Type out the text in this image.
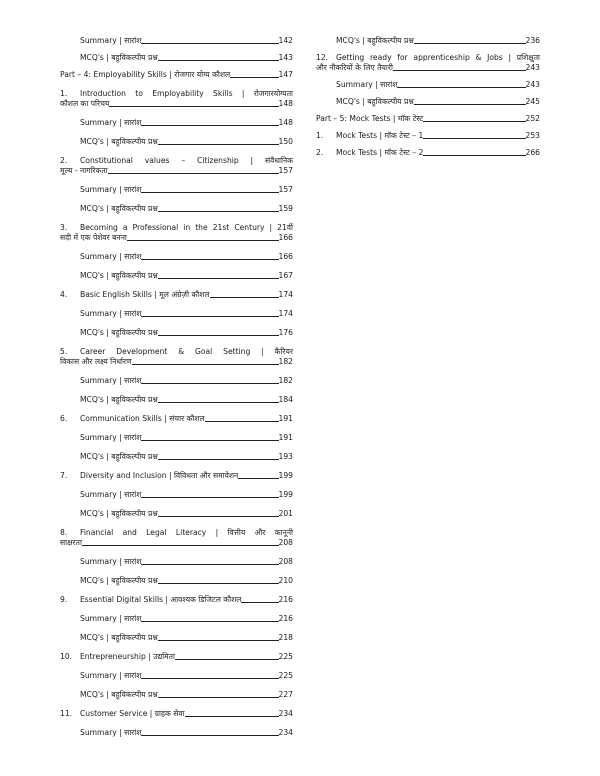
Summary | सारांश	142
MCQ's | बहुविकल्पीय प्रश्न	143
Part – 4: Employability Skills | रोजगार योग्य कौशल	147
1. Introduction to Employability Skills | रोजगारयोग्यता
कौशल का परिचय	148
Summary | सारांश	148
MCQ's | बहुविकल्पीय प्रश्न	150
2. Constitutional values – Citizenship | संवैधानिक
मूल्य - नागरिकता	157
Summary | सारांश	157
MCQ's | बहुविकल्पीय प्रश्न	159
3. Becoming a Professional in the 21st Century | 21वीं
सदी में एक पेशेवर बनना	166
Summary | सारांश	166
MCQ's | बहुविकल्पीय प्रश्न	167
4. Basic English Skills | मूल अंग्रेज़ी कौशल	174
Summary | सारांश	174
MCQ's | बहुविकल्पीय प्रश्न	176
5. Career Development & Goal Setting | कैरियर
विकास और लक्ष्य निर्धारण	182
Summary | सारांश	182
MCQ's | बहुविकल्पीय प्रश्न	184
6. Communication Skills | संचार कौशल	191
Summary | सारांश	191
MCQ's | बहुविकल्पीय प्रश्न	193
7. Diversity and Inclusion | विविधता और समावेशन	199
Summary | सारांश	199
MCQ's | बहुविकल्पीय प्रश्न	201
8. Financial and Legal Literacy | वित्तीय और कानूनी
साक्षरता	208
Summary | सारांश	208
MCQ's | बहुविकल्पीय प्रश्न	210
9. Essential Digital Skills | आवश्यक डिजिटल कौशल	216
Summary | सारांश	216
MCQ's | बहुविकल्पीय प्रश्न	218
10. Entrepreneurship | उद्यमिता	225
Summary | सारांश	225
MCQ's | बहुविकल्पीय प्रश्न	227
11. Customer Service | ग्राहक सेवा	234
Summary | सारांश	234
MCQ's | बहुविकल्पीय प्रश्न	236
12. Getting ready for apprenticeship & Jobs | प्रशिक्षुता
और नौकरियों के लिए तैयारी	243
Summary | सारांश	243
MCQ's | बहुविकल्पीय प्रश्न	245
Part – 5: Mock Tests | मॉक टेस्ट	252
1. Mock Tests | मॉक टेस्ट – 1	253
2. Mock Tests | मॉक टेस्ट – 2	266
